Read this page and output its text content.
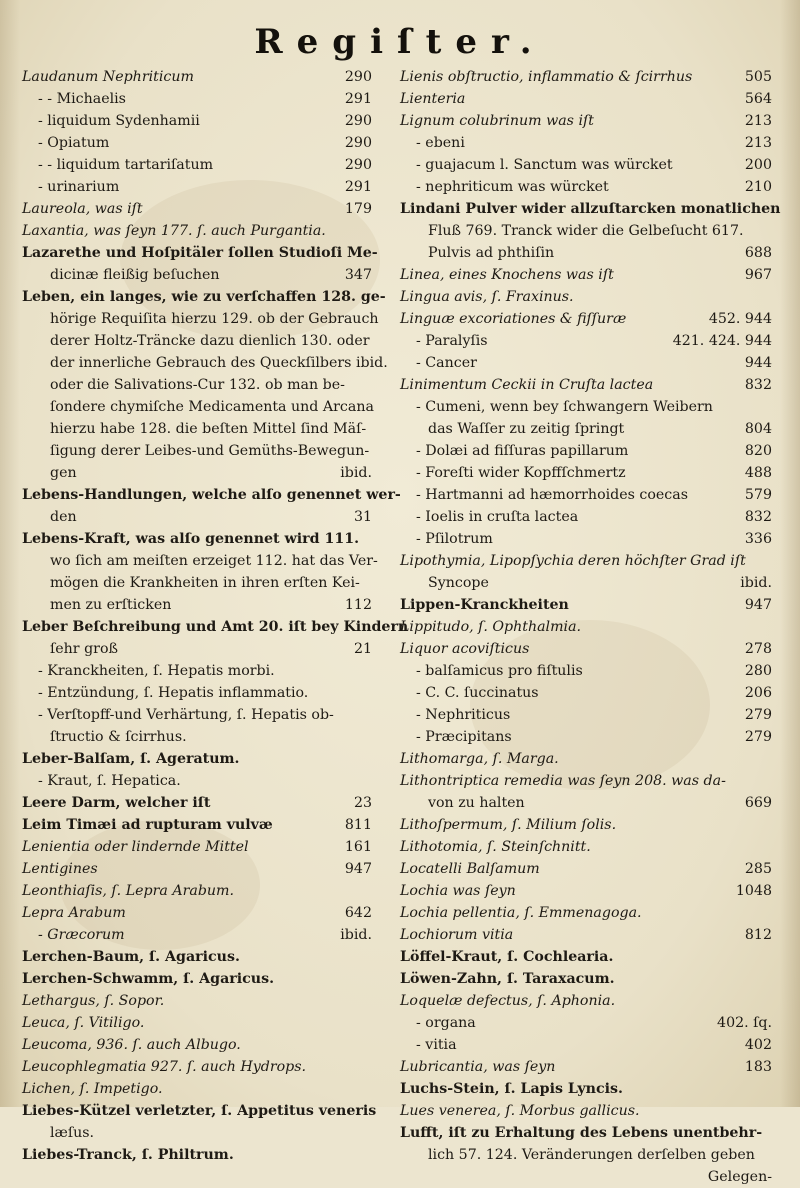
Regiſter.
Laudanum Nephriticum	290
- - Michaelis	291
- liquidum Sydenhamii	290
- Opiatum	290
- - liquidum tartariſatum	290
- urinarium	291
Laureola, was iſt	179
Laxantia, was ſeyn 177. ſ. auch Purgantia.
Lazarethe und Hoſpitäler ſollen Studioſi Me-
dicinæ fleißig beſuchen	347
Leben, ein langes, wie zu verſchaffen 128. ge-
hörige Requiſita hierzu 129. ob der Gebrauch
derer Holtz-Träncke dazu dienlich 130. oder
der innerliche Gebrauch des Queckſilbers ibid.
oder die Salivations-Cur 132. ob man be-
ſondere chymiſche Medicamenta und Arcana
hierzu habe 128. die beſten Mittel ſind Mäſ-
ſigung derer Leibes-und Gemüths-Bewegun-
gen	ibid.
Lebens-Handlungen, welche alſo genennet wer-
den	31
Lebens-Kraft, was alſo genennet wird 111.
wo ſich am meiſten erzeiget 112. hat das Ver-
mögen die Krankheiten in ihren erſten Kei-
men zu erſticken	112
Leber Beſchreibung und Amt 20. iſt bey Kindern
ſehr groß	21
- Kranckheiten, ſ. Hepatis morbi.
- Entzündung, ſ. Hepatis inflammatio.
- Verſtopff-und Verhärtung, ſ. Hepatis ob-
ſtructio & ſcirrhus.
Leber-Balſam, ſ. Ageratum.
- Kraut, ſ. Hepatica.
Leere Darm, welcher iſt	23
Leim Timæi ad rupturam vulvæ	811
Lenientia oder lindernde Mittel	161
Lentigines	947
Leonthiaſis, ſ. Lepra Arabum.
Lepra Arabum	642
- Græcorum	ibid.
Lerchen-Baum, ſ. Agaricus.
Lerchen-Schwamm, ſ. Agaricus.
Lethargus, ſ. Sopor.
Leuca, ſ. Vitiligo.
Leucoma, 936. ſ. auch Albugo.
Leucophlegmatia 927. ſ. auch Hydrops.
Lichen, ſ. Impetigo.
Liebes-Kützel verletzter, ſ. Appetitus veneris
læſus.
Liebes-Tranck, ſ. Philtrum.
Lienis obſtructio, inflammatio & ſcirrhus	505
Lienteria	564
Lignum colubrinum was iſt	213
- ebeni	213
- guajacum l. Sanctum was würcket	200
- nephriticum was würcket	210
Lindani Pulver wider allzuſtarcken monatlichen
Fluß 769. Tranck wider die Gelbeſucht 617.
Pulvis ad phthiſin	688
Linea, eines Knochens was iſt	967
Lingua avis, ſ. Fraxinus.
Linguæ excoriationes & fiſſuræ	452. 944
- Paralyſis	421. 424. 944
- Cancer	944
Linimentum Ceckii in Cruſta lactea	832
- Cumeni, wenn bey ſchwangern Weibern
das Waſſer zu zeitig ſpringt	804
- Dolæi ad fiſſuras papillarum	820
- Foreſti wider Kopffſchmertz	488
- Hartmanni ad hæmorrhoides coecas	579
- Ioelis in cruſta lactea	832
- Pſilotrum	336
Lipothymia, Lipopſychia deren höchſter Grad iſt
Syncope	ibid.
Lippen-Kranckheiten	947
Lippitudo, ſ. Ophthalmia.
Liquor acoviſticus	278
- balſamicus pro fiſtulis	280
- C. C. ſuccinatus	206
- Nephriticus	279
- Præcipitans	279
Lithomarga, ſ. Marga.
Lithontriptica remedia was ſeyn 208. was da-
von zu halten	669
Lithoſpermum, ſ. Milium ſolis.
Lithotomia, ſ. Steinſchnitt.
Locatelli Balſamum	285
Lochia was ſeyn	1048
Lochia pellentia, ſ. Emmenagoga.
Lochiorum vitia	812
Löffel-Kraut, ſ. Cochlearia.
Löwen-Zahn, ſ. Taraxacum.
Loquelæ defectus, ſ. Aphonia.
- organa	402. ſq.
- vitia	402
Lubricantia, was ſeyn	183
Luchs-Stein, ſ. Lapis Lyncis.
Lues venerea, ſ. Morbus gallicus.
Lufft, iſt zu Erhaltung des Lebens unentbehr-
lich 57. 124. Veränderungen derſelben geben
Gelegen-
